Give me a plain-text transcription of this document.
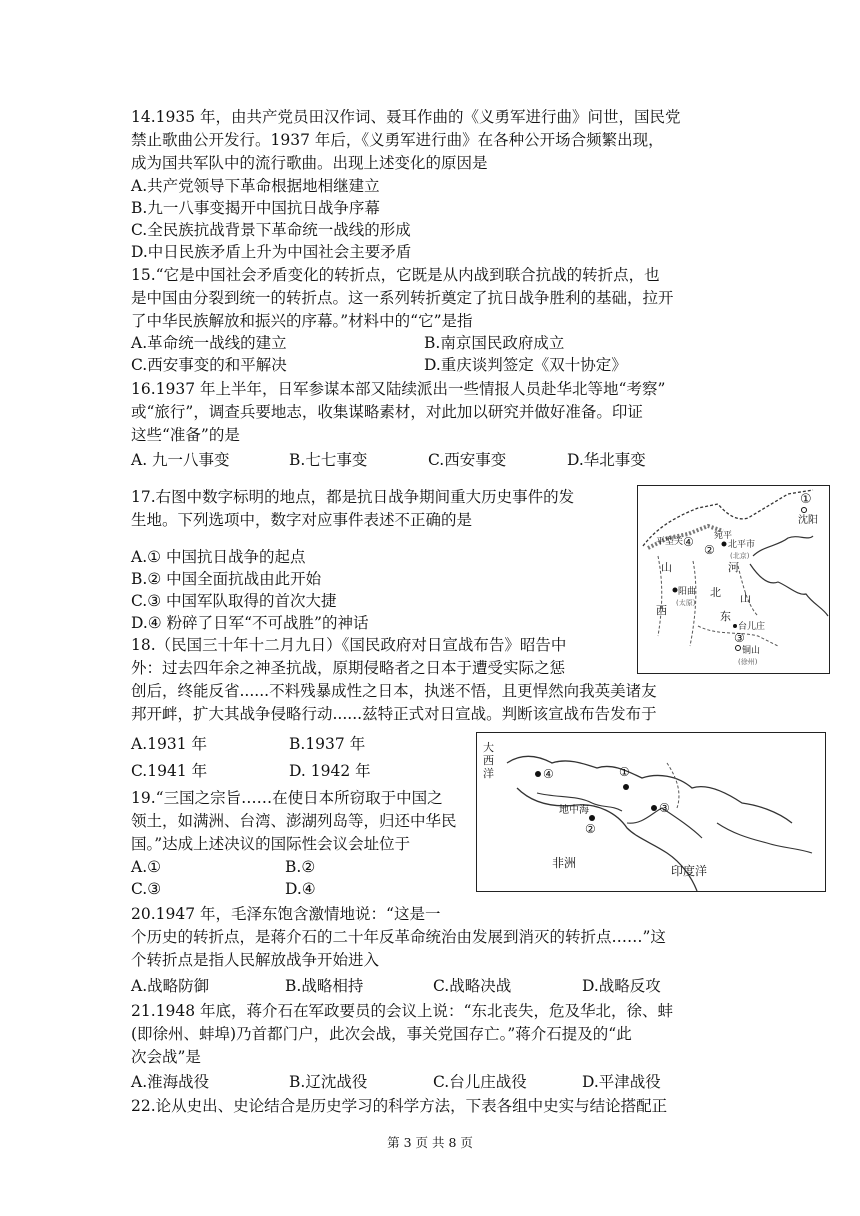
14.1935 年，由共产党员田汉作词、聂耳作曲的《义勇军进行曲》问世，国民党
禁止歌曲公开发行。1937 年后，《义勇军进行曲》在各种公开场合频繁出现，
成为国共军队中的流行歌曲。出现上述变化的原因是
A.共产党领导下革命根据地相继建立
B.九一八事变揭开中国抗日战争序幕
C.全民族抗战背景下革命统一战线的形成
D.中日民族矛盾上升为中国社会主要矛盾
15.“它是中国社会矛盾变化的转折点，它既是从内战到联合抗战的转折点，也
是中国由分裂到统一的转折点。这一系列转折奠定了抗日战争胜利的基础，拉开
了中华民族解放和振兴的序幕。”材料中的“它”是指
A.革命统一战线的建立	B.南京国民政府成立
C.西安事变的和平解决	D.重庆谈判签定《双十协定》
16.1937 年上半年，日军参谋本部又陆续派出一些情报人员赴华北等地“考察”
或“旅行”，调查兵要地志，收集谋略素材，对此加以研究并做好准备。印证
这些“准备”的是
A. 九一八事变	B.七七事变	C.西安事变	D.华北事变
17.右图中数字标明的地点，都是抗日战争期间重大历史事件的发
生地。下列选项中，数字对应事件表述不正确的是
A.① 中国抗日战争的起点
B.② 中国全面抗战由此开始
C.③ 中国军队取得的首次大捷
D.④ 粉碎了日军“不可战胜”的神话
①
沈阳
平型关 ④ 宛平
② 北平市
(北京)
山	河
阳曲
(太原)
北 山
西	东
台儿庄
③
铜山
(徐州)
18.（民国三十年十二月九日）《国民政府对日宣战布告》昭告中
外：过去四年余之神圣抗战，原期侵略者之日本于遭受实际之惩
创后，终能反省......不料残暴成性之日本，执迷不悟，且更悍然向我英美诸友
邦开衅，扩大其战争侵略行动......兹特正式对日宣战。判断该宣战布告发布于
A.1931 年	B.1937 年
C.1941 年	D. 1942 年
大
西
洋	④	①
地中海
②
③
非洲
印度洋
19.“三国之宗旨……在使日本所窃取于中国之
领土，如满洲、台湾、澎湖列岛等，归还中华民
国。”达成上述决议的国际性会议会址位于
A.①	B.②
C.③	D.④
20.1947 年，毛泽东饱含激情地说：“这是一
个历史的转折点，是蒋介石的二十年反革命统治由发展到消灭的转折点……”这
个转折点是指人民解放战争开始进入
A.战略防御	B.战略相持	C.战略决战	D.战略反攻
21.1948 年底，蒋介石在军政要员的会议上说：“东北丧失，危及华北，徐、蚌
(即徐州、蚌埠)乃首都门户，此次会战，事关党国存亡。”蒋介石提及的“此
次会战”是
A.淮海战役	B.辽沈战役	C.台儿庄战役	D.平津战役
22.论从史出、史论结合是历史学习的科学方法，下表各组中史实与结论搭配正
第 3 页 共 8 页
